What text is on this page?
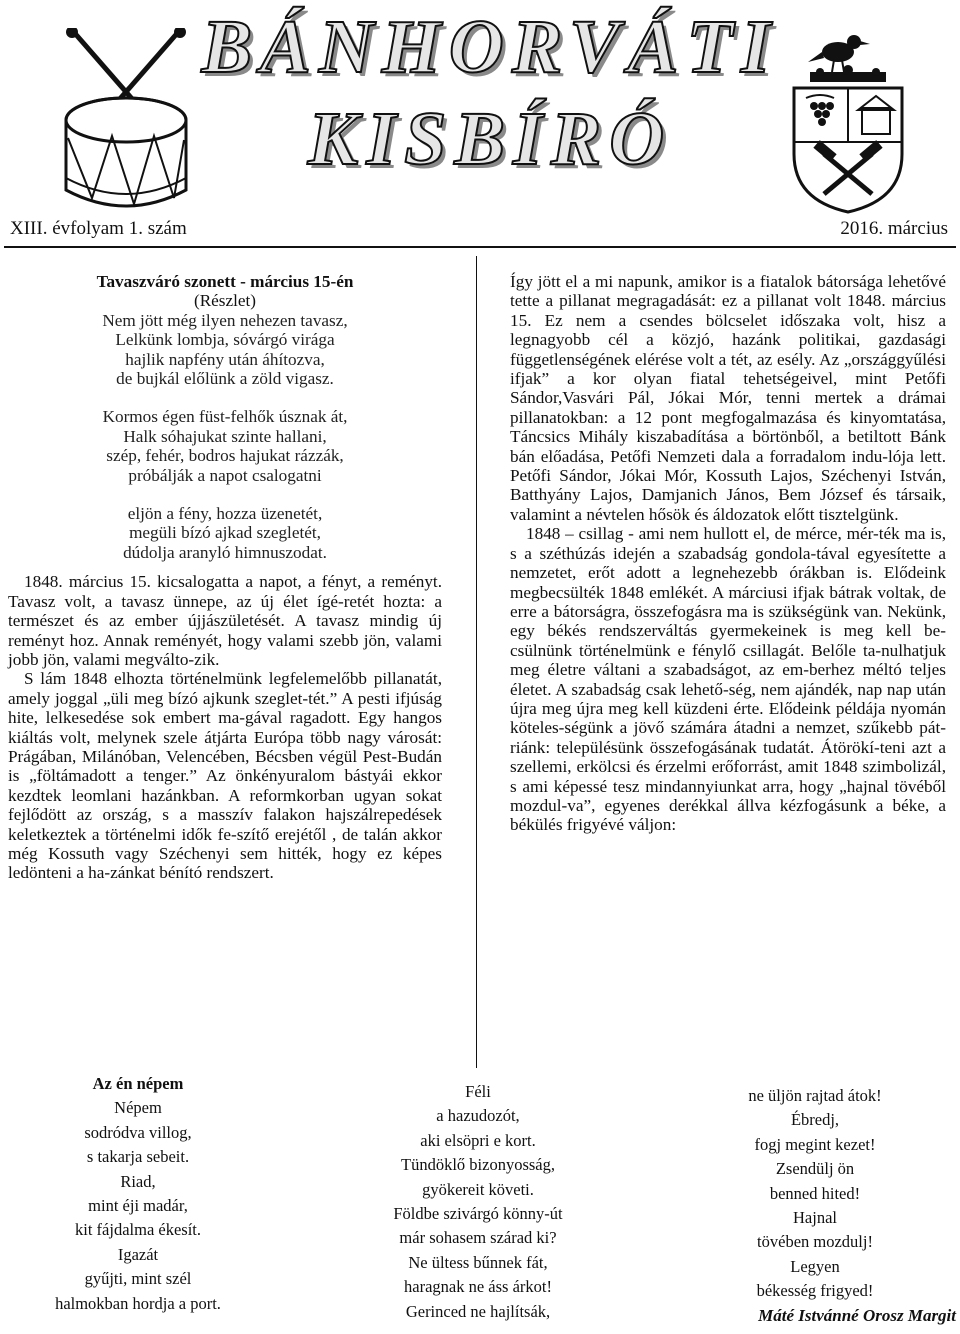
BÁNHORVÁTI
KISBÍRÓ
XIII. évfolyam 1. szám	2016. március
Tavaszváró szonett - március 15-én
(Részlet)
Nem jött még ilyen nehezen tavasz,
Lelkünk lombja, sóvárgó virága
hajlik napfény után áhítozva,
de bujkál előlünk a zöld vigasz.
Kormos égen füst-felhők úsznak át,
Halk sóhajukat szinte hallani,
szép, fehér, bodros hajukat rázzák,
próbálják a napot csalogatni
eljön a fény, hozza üzenetét,
megüli bízó ajkad szegletét,
dúdolja aranyló himnuszodat.

1848. március 15. kicsalogatta a napot, a fényt, a reményt. Tavasz volt, a tavasz ünnepe, az új élet ígé-retét hozta: a természet és az ember újjászületését. A tavasz mindig új reményt hoz. Annak reményét, hogy valami szebb jön, valami jobb jön, valami megválto-zik.

S lám 1848 elhozta történelmünk legfelemelőbb pillanatát, amely joggal „üli meg bízó ajkunk szeglet-tét.” A pesti ifjúság hite, lelkesedése sok embert ma-gával ragadott. Egy hangos kiáltás volt, melynek szele átjárta Európa több nagy városát: Prágában, Milánóban, Velencében, Bécsben végül Pest-Budán is „föltámadott a tenger.” Az önkényuralom bástyái ekkor kezdtek leomlani hazánkban. A reformkorban ugyan sokat fejlődött az ország, s a masszív falakon hajszálrepedések keletkeztek a történelmi idők fe-szítő erejétől , de talán akkor még Kossuth vagy Széchenyi sem hitték, hogy ez képes ledönteni a ha-zánkat bénító rendszert.

Így jött el a mi napunk, amikor is a fiatalok bátorsága lehetővé tette a pillanat megragadását: ez a pillanat volt 1848. március 15. Ez nem a csendes bölcselet időszaka volt, hisz a legnagyobb cél a közjó, hazánk politikai, gazdasági függetlenségének elérése volt a tét, az esély. Az „országgyűlési ifjak” a kor olyan fiatal tehetségeivel, mint Petőfi Sándor,Vasvári Pál, Jókai Mór, tenni mertek a drámai pillanatokban: a 12 pont megfogalmazása és kinyomtatása, Táncsics Mihály kiszabadítása a börtönből, a betiltott Bánk bán előadása, Petőfi Nemzeti dala a forradalom indu-lója lett. Petőfi Sándor, Jókai Mór, Kossuth Lajos, Széchenyi István, Batthyány Lajos, Damjanich János, Bem József és társaik, valamint a névtelen hősök és áldozatok előtt tisztelgünk.

1848 – csillag - ami nem hullott el, de mérce, mér-ték ma is, s a széthúzás idején a szabadság gondola-tával egyesítette a nemzetet, erőt adott a legnehezebb órákban is. Elődeink megbecsülték 1848 emlékét. A márciusi ifjak bátrak voltak, de erre a bátorságra, összefogásra ma is szükségünk van. Nekünk, egy békés rendszerváltás gyermekeinek is meg kell be-csülnünk történelmünk e fénylő csillagát. Belőle ta-nulhatjuk meg életre váltani a szabadságot, az em-berhez méltó teljes életet. A szabadság csak lehető-ség, nem ajándék, nap nap után újra meg újra meg kell küzdeni érte. Elődeink példája nyomán köteles-ségünk a jövő számára átadni a nemzet, szűkebb pát-riánk: településünk összefogásának tudatát. Átörökí-teni azt a szellemi, erkölcsi és érzelmi erőforrást, amit 1848 szimbolizál, s ami képessé tesz mindannyiunkat arra, hogy „hajnal tövéből mozdul-va”, egyenes derékkal állva kézfogásunk a béke, a békülés frigyévé váljon:

Az én népem
Népem
sodródva villog,
s takarja sebeit.
Riad,
mint éji madár,
kit fájdalma ékesít.
Igazát
gyűjti, mint szél
halmokban hordja a port.
Féli
a hazudozót,
aki elsöpri e kort.
Tündöklő bizonyosság,
gyökereit követi.
Földbe szivárgó könny-út
már sohasem szárad ki?
Ne ültess bűnnek fát,
haragnak ne áss árkot!
Gerinced ne hajlítsák,
ne üljön rajtad átok!
Ébredj,
fogj megint kezet!
Zsendülj ön
benned hited!
Hajnal
tövében mozdulj!
Legyen
békesség frigyed!
Máté Istvánné Orosz Margit
